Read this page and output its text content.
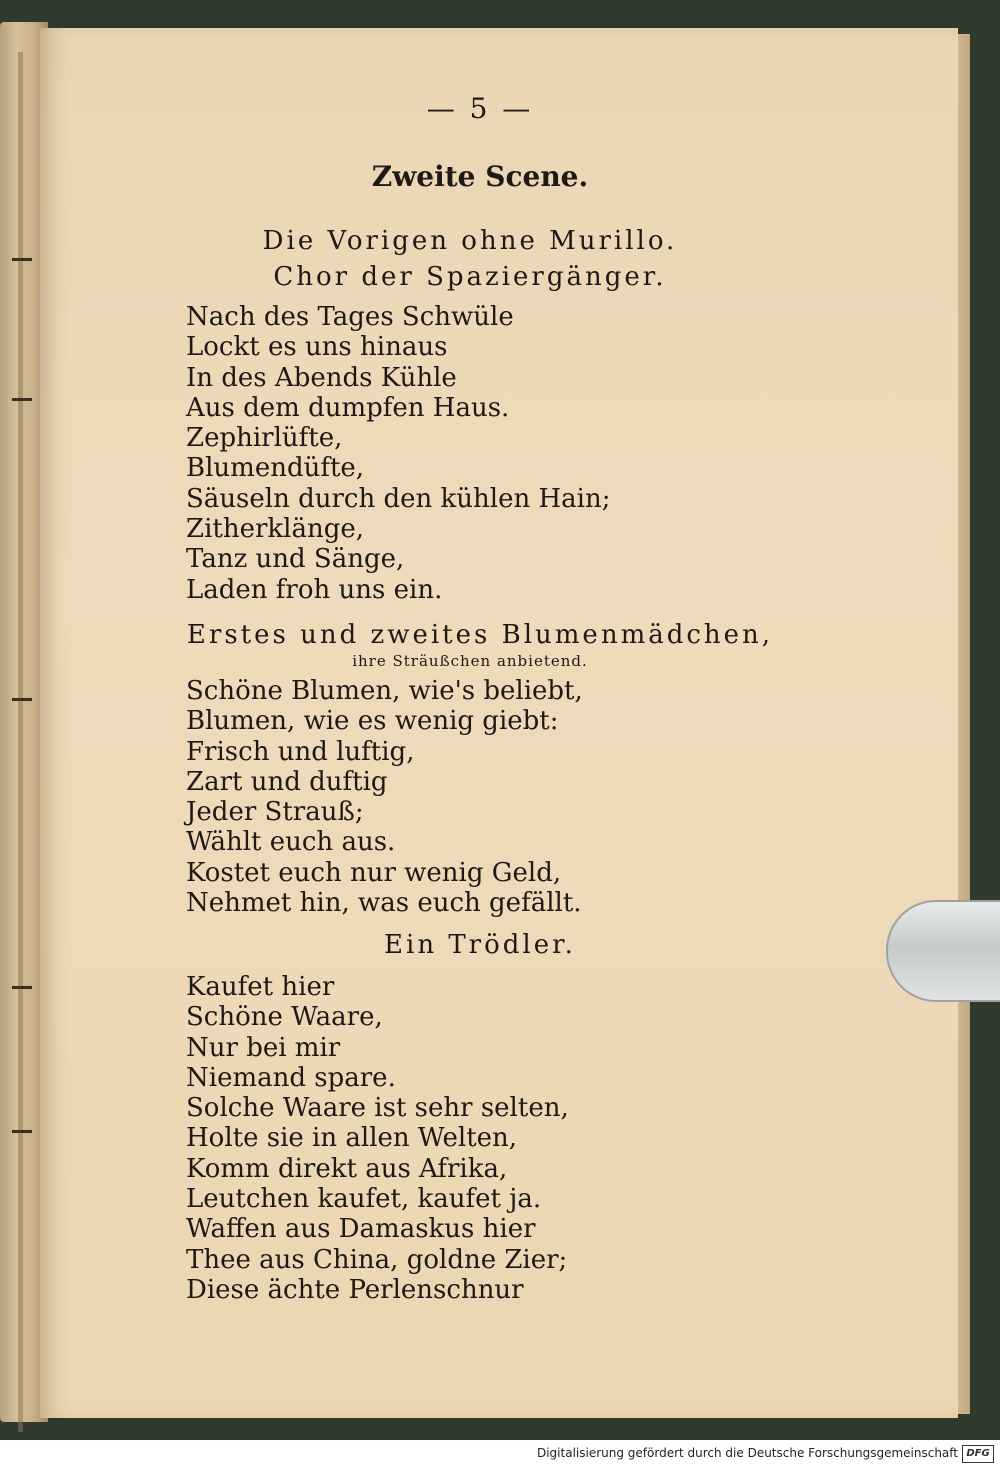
— 5 —
Zweite Scene.
Die Vorigen ohne Murillo.
Chor der Spaziergänger.
Nach des Tages Schwüle
Lockt es uns hinaus
In des Abends Kühle
Aus dem dumpfen Haus.
Zephirlüfte,
Blumendüfte,
Säuseln durch den kühlen Hain;
Zitherklänge,
Tanz und Sänge,
Laden froh uns ein.
Erstes und zweites Blumenmädchen,
ihre Sträußchen anbietend.
Schöne Blumen, wie's beliebt,
Blumen, wie es wenig giebt:
Frisch und luftig,
Zart und duftig
Jeder Strauß;
Wählt euch aus.
Kostet euch nur wenig Geld,
Nehmet hin, was euch gefällt.
Ein Trödler.
Kaufet hier
Schöne Waare,
Nur bei mir
Niemand spare.
Solche Waare ist sehr selten,
Holte sie in allen Welten,
Komm direkt aus Afrika,
Leutchen kaufet, kaufet ja.
Waffen aus Damaskus hier
Thee aus China, goldne Zier;
Diese ächte Perlenschnur
Digitalisierung gefördert durch die Deutsche Forschungsgemeinschaft DFG
